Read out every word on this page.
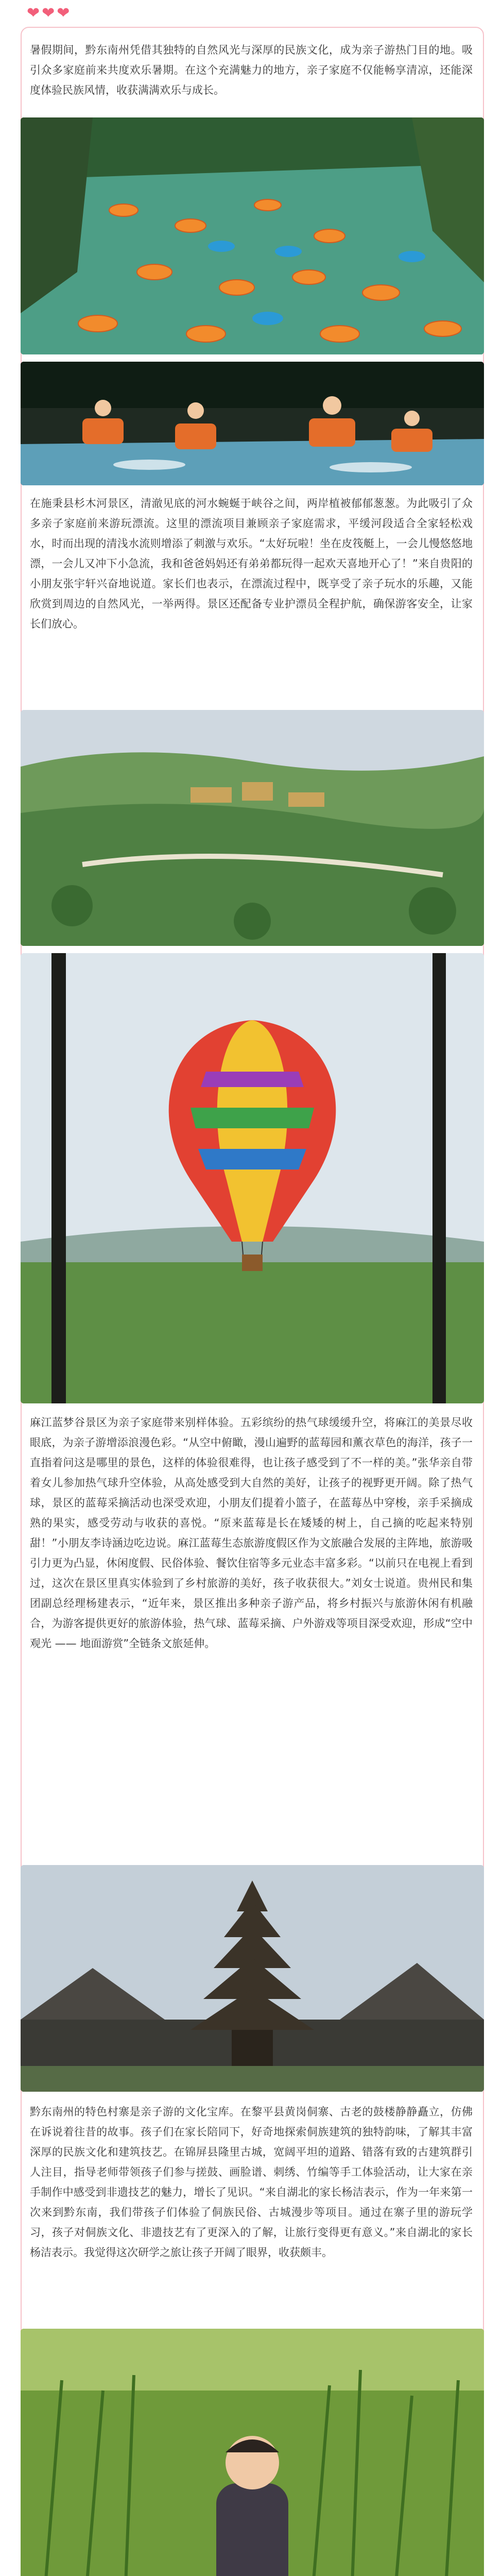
❤❤❤

暑假期间，黔东南州凭借其独特的自然风光与深厚的民族文化，成为亲子游热门目的地。吸引众多家庭前来共度欢乐暑期。在这个充满魅力的地方，亲子家庭不仅能畅享清凉，还能深度体验民族风情，收获满满欢乐与成长。

在施秉县杉木河景区，清澈见底的河水蜿蜒于峡谷之间，两岸植被郁郁葱葱。为此吸引了众多亲子家庭前来游玩漂流。这里的漂流项目兼顾亲子家庭需求，平缓河段适合全家轻松戏水，时而出现的清浅水流则增添了刺激与欢乐。“太好玩啦！坐在皮筏艇上，一会儿慢悠悠地漂，一会儿又冲下小急流，我和爸爸妈妈还有弟弟都玩得一起欢天喜地开心了！”来自贵阳的小朋友张宇轩兴奋地说道。家长们也表示，在漂流过程中，既享受了亲子玩水的乐趣，又能欣赏到周边的自然风光，一举两得。景区还配备专业护漂员全程护航，确保游客安全，让家长们放心。

麻江蓝梦谷景区为亲子家庭带来别样体验。五彩缤纷的热气球缓缓升空，将麻江的美景尽收眼底，为亲子游增添浪漫色彩。“从空中俯瞰，漫山遍野的蓝莓园和薰衣草色的海洋，孩子一直指着问这是哪里的景色，这样的体验很难得，也让孩子感受到了不一样的美。”张华亲自带着女儿参加热气球升空体验，从高处感受到大自然的美好，让孩子的视野更开阔。除了热气球，景区的蓝莓采摘活动也深受欢迎，小朋友们提着小篮子，在蓝莓丛中穿梭，亲手采摘成熟的果实，感受劳动与收获的喜悦。“原来蓝莓是长在矮矮的树上，自己摘的吃起来特别甜！”小朋友李诗涵边吃边说。麻江蓝莓生态旅游度假区作为文旅融合发展的主阵地，旅游吸引力更为凸显，休闲度假、民俗体验、餐饮住宿等多元业态丰富多彩。“以前只在电视上看到过，这次在景区里真实体验到了乡村旅游的美好，孩子收获很大。”刘女士说道。贵州民和集团副总经理杨建表示，“近年来，景区推出多种亲子游产品，将乡村振兴与旅游休闲有机融合，为游客提供更好的旅游体验，热气球、蓝莓采摘、户外游戏等项目深受欢迎，形成“空中观光 —— 地面游赏”全链条文旅延伸。

黔东南州的特色村寨是亲子游的文化宝库。在黎平县黄岗侗寨、古老的鼓楼静静矗立，仿佛在诉说着往昔的故事。孩子们在家长陪同下，好奇地探索侗族建筑的独特韵味，了解其丰富深厚的民族文化和建筑技艺。在锦屏县隆里古城，宽阔平坦的道路、错落有致的古建筑群引人注目，指导老师带领孩子们参与搓鼓、画脸谱、刺绣、竹编等手工体验活动，让大家在亲手制作中感受到非遗技艺的魅力，增长了见识。“来自湖北的家长杨洁表示，作为一年来第一次来到黔东南，我们带孩子们体验了侗族民俗、古城漫步等项目。通过在寨子里的游玩学习，孩子对侗族文化、非遗技艺有了更深入的了解，让旅行变得更有意义。”来自湖北的家长杨洁表示。我觉得这次研学之旅让孩子开阔了眼界，收获颇丰。
